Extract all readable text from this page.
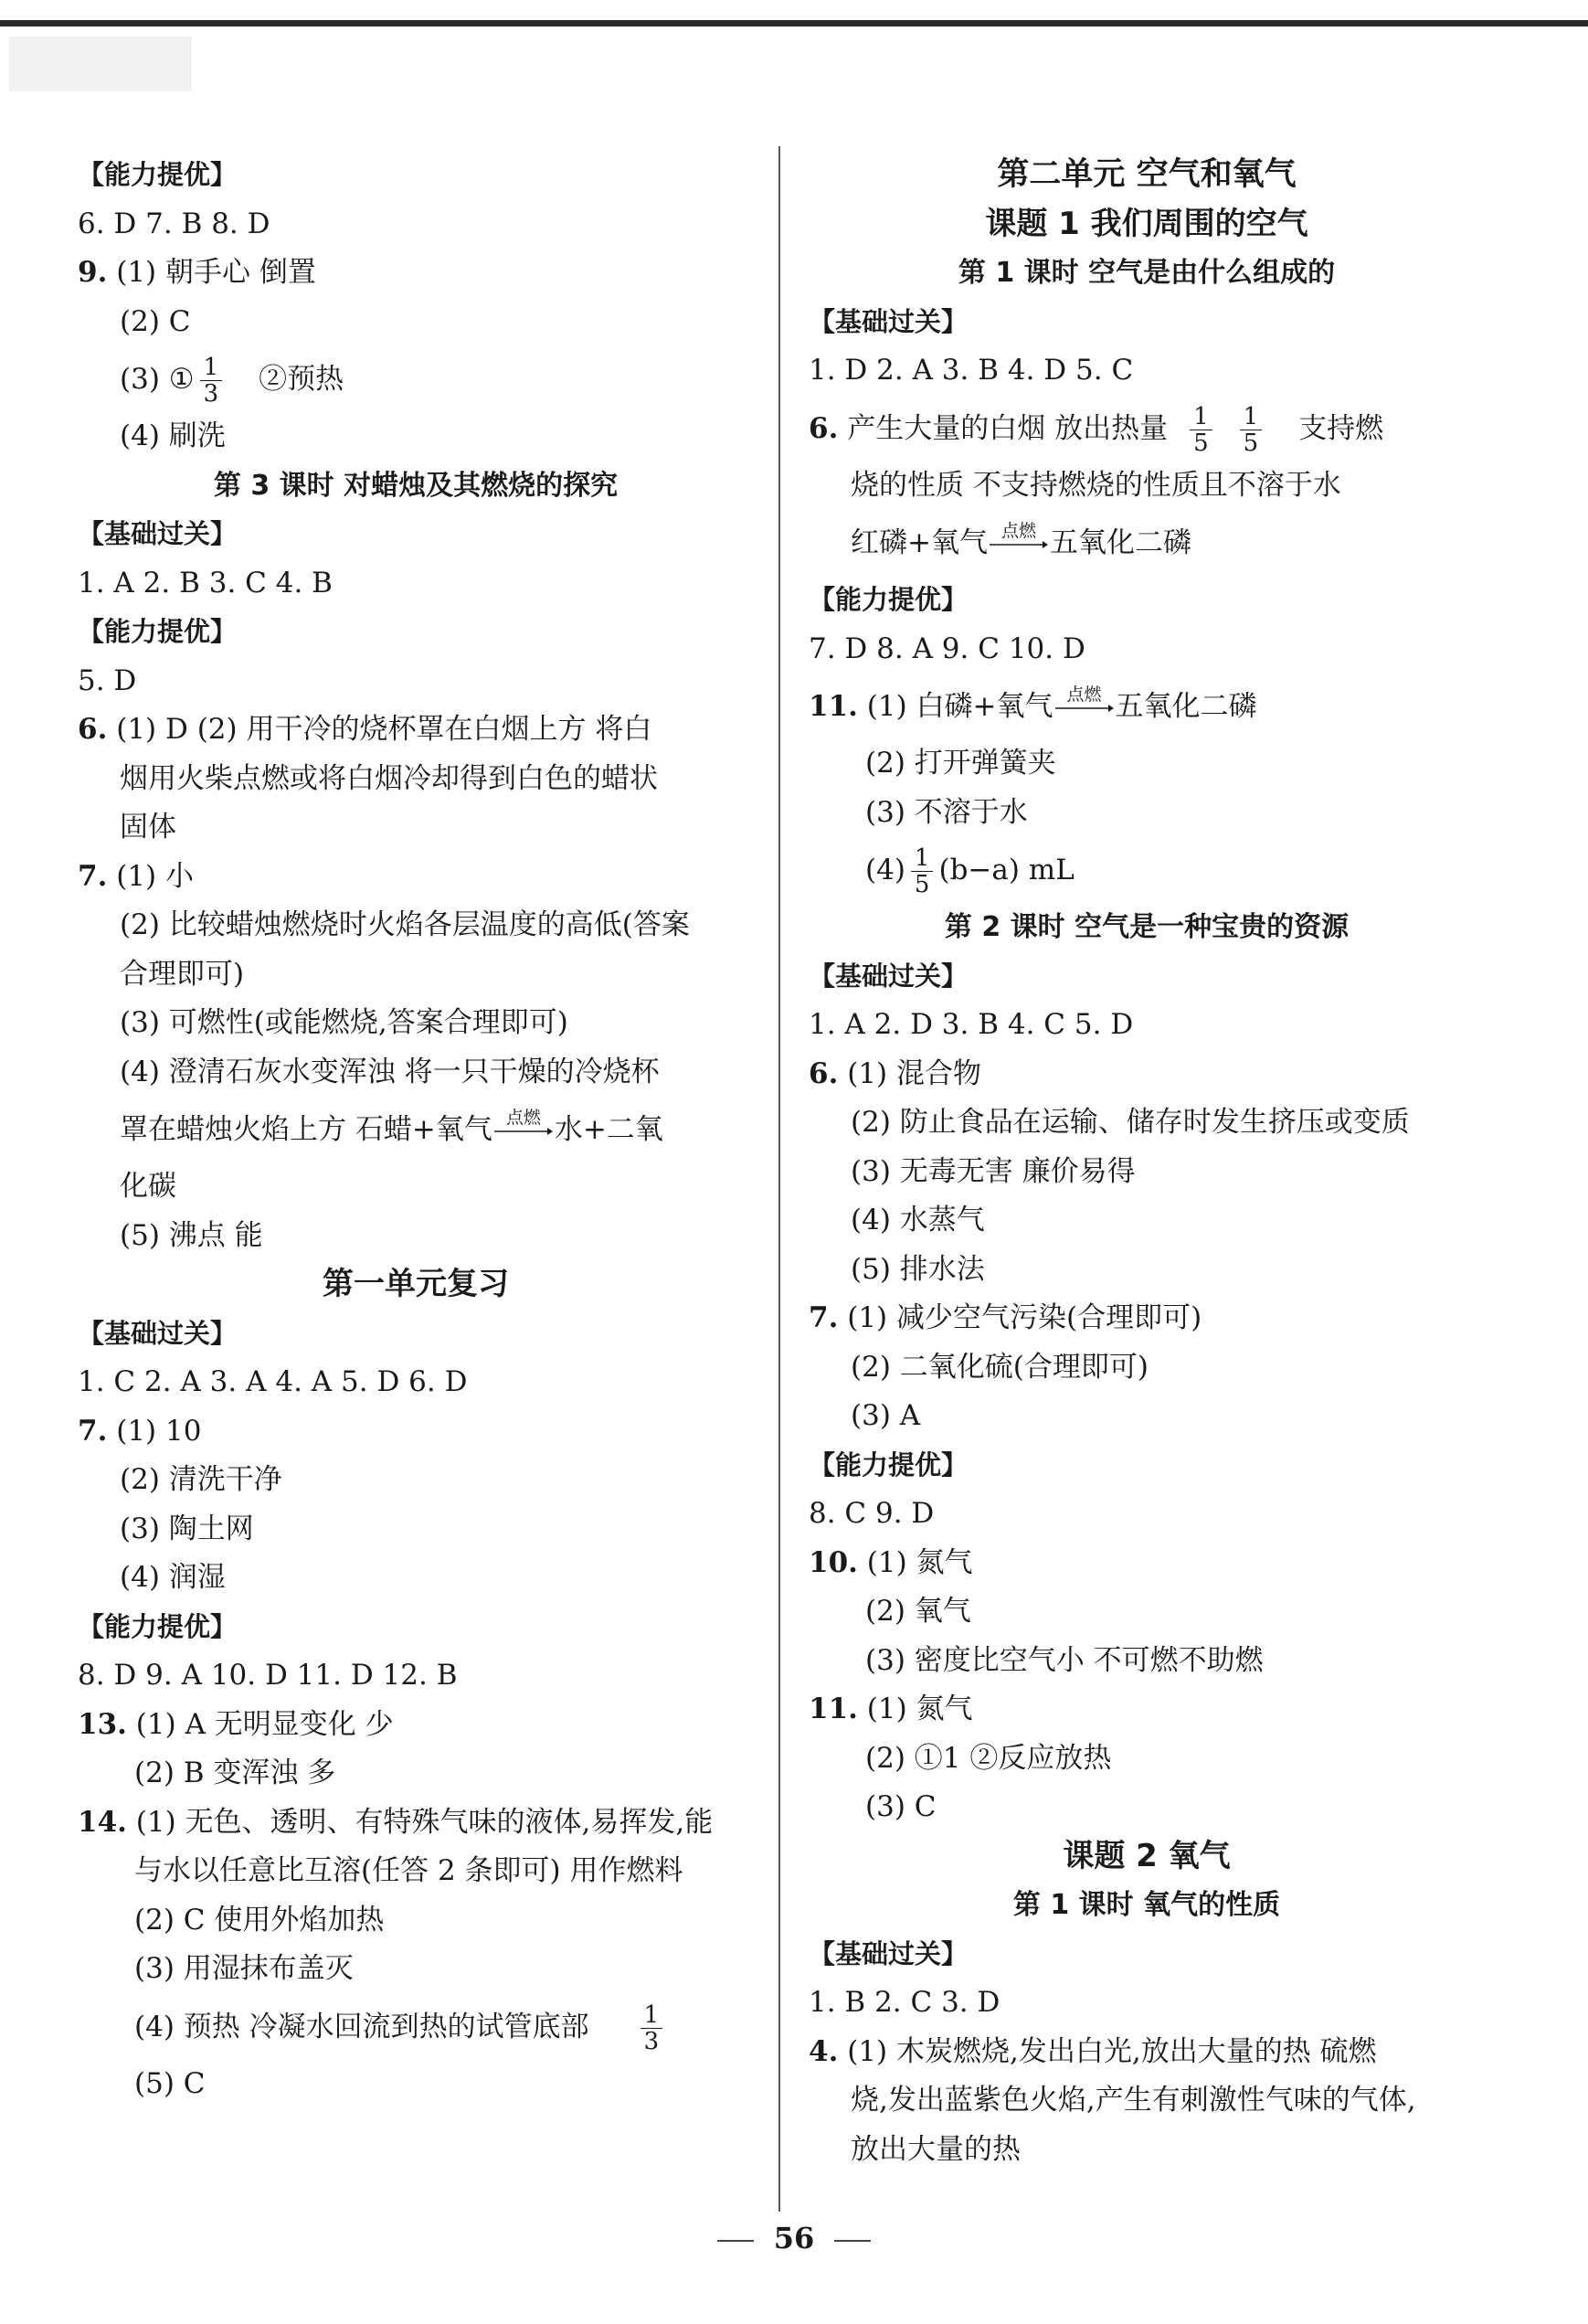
【能力提优】
6. D 7. B 8. D
9. (1) 朝手心 倒置
(2) C
(3) ① $\frac{1}{3}$ ②预热
(4) 刷洗
第 3 课时 对蜡烛及其燃烧的探究
【基础过关】
1. A 2. B 3. C 4. B
【能力提优】
5. D
6. (1) D (2) 用干冷的烧杯罩在白烟上方 将白
烟用火柴点燃或将白烟冷却得到白色的蜡状
固体
7. (1) 小
(2) 比较蜡烛燃烧时火焰各层温度的高低(答案
合理即可)
(3) 可燃性(或能燃烧,答案合理即可)
(4) 澄清石灰水变浑浊 将一只干燥的冷烧杯
罩在蜡烛火焰上方 石蜡+氧气 点燃 水+二氧
化碳
(5) 沸点 能
第一单元复习
【基础过关】
1. C 2. A 3. A 4. A 5. D 6. D
7. (1) 10
(2) 清洗干净
(3) 陶土网
(4) 润湿
【能力提优】
8. D 9. A 10. D 11. D 12. B
13. (1) A 无明显变化 少
(2) B 变浑浊 多
14. (1) 无色、透明、有特殊气味的液体,易挥发,能
与水以任意比互溶(任答 2 条即可) 用作燃料
(2) C 使用外焰加热
(3) 用湿抹布盖灭
(4) 预热 冷凝水回流到热的试管底部 $\frac{1}{3}$
(5) C
第二单元 空气和氧气
课题 1 我们周围的空气
第 1 课时 空气是由什么组成的
【基础过关】
1. D 2. A 3. B 4. D 5. C
6. 产生大量的白烟 放出热量 $\frac{1}{5} \frac{1}{5}$ 支持燃
烧的性质 不支持燃烧的性质且不溶于水
红磷+氧气 点燃 五氧化二磷
【能力提优】
7. D 8. A 9. C 10. D
11. (1) 白磷+氧气 点燃 五氧化二磷
(2) 打开弹簧夹
(3) 不溶于水
$(4) \frac{1}{5} (b-a)$ mL
第 2 课时 空气是一种宝贵的资源
【基础过关】
1. A 2. D 3. B 4. C 5. D
6. (1) 混合物
(2) 防止食品在运输、储存时发生挤压或变质
(3) 无毒无害 廉价易得
(4) 水蒸气
(5) 排水法
7. (1) 减少空气污染(合理即可)
(2) 二氧化硫(合理即可)
(3) A
【能力提优】
8. C 9. D
10. (1) 氮气
(2) 氧气
(3) 密度比空气小 不可燃不助燃
11. (1) 氮气
(2) ①1 ②反应放热
(3) C
课题 2 氧气
第 1 课时 氧气的性质
【基础过关】
1. B 2. C 3. D
4. (1) 木炭燃烧,发出白光,放出大量的热 硫燃
烧,发出蓝紫色火焰,产生有刺激性气味的气体,
放出大量的热
56
